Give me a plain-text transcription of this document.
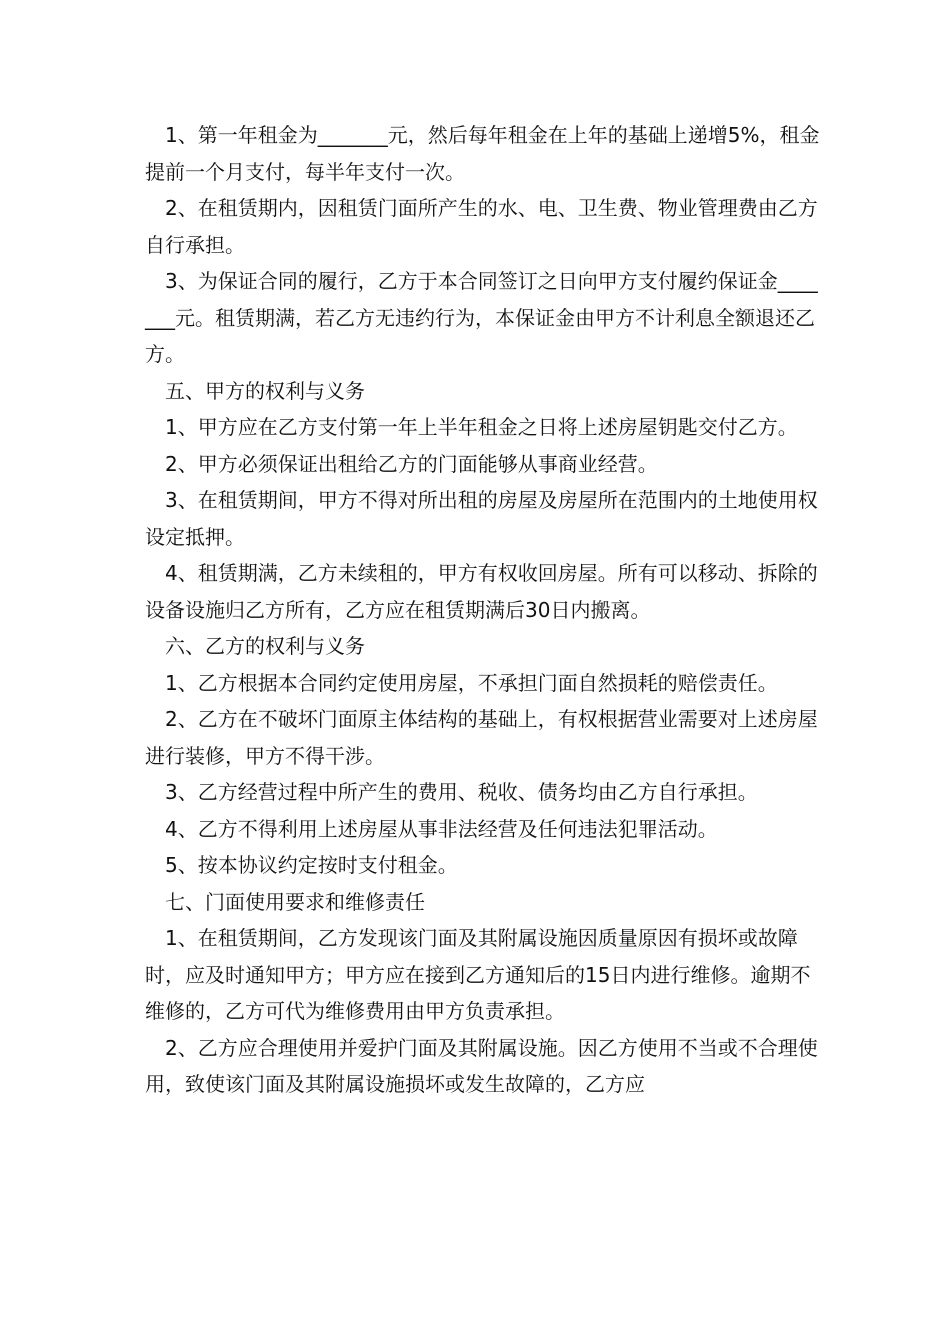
1、第一年租金为_______元，然后每年租金在上年的基础上递增5%，租金提前一个月支付，每半年支付一次。

2、在租赁期内，因租赁门面所产生的水、电、卫生费、物业管理费由乙方自行承担。

3、为保证合同的履行，乙方于本合同签订之日向甲方支付履约保证金_______元。租赁期满，若乙方无违约行为，本保证金由甲方不计利息全额退还乙方。

五、甲方的权利与义务

1、甲方应在乙方支付第一年上半年租金之日将上述房屋钥匙交付乙方。

2、甲方必须保证出租给乙方的门面能够从事商业经营。

3、在租赁期间，甲方不得对所出租的房屋及房屋所在范围内的土地使用权设定抵押。

4、租赁期满，乙方未续租的，甲方有权收回房屋。所有可以移动、拆除的设备设施归乙方所有，乙方应在租赁期满后30日内搬离。

六、乙方的权利与义务

1、乙方根据本合同约定使用房屋，不承担门面自然损耗的赔偿责任。

2、乙方在不破坏门面原主体结构的基础上，有权根据营业需要对上述房屋进行装修，甲方不得干涉。

3、乙方经营过程中所产生的费用、税收、债务均由乙方自行承担。

4、乙方不得利用上述房屋从事非法经营及任何违法犯罪活动。

5、按本协议约定按时支付租金。

七、门面使用要求和维修责任

1、在租赁期间，乙方发现该门面及其附属设施因质量原因有损坏或故障时，应及时通知甲方；甲方应在接到乙方通知后的15日内进行维修。逾期不维修的，乙方可代为维修费用由甲方负责承担。

2、乙方应合理使用并爱护门面及其附属设施。因乙方使用不当或不合理使用，致使该门面及其附属设施损坏或发生故障的，乙方应
